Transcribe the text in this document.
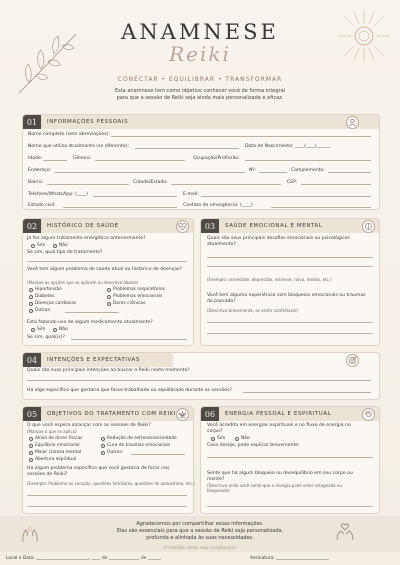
ANAMNESE
Reiki
CONECTAR • EQUILIBRAR • TRANSFORMAR
Esta anamnese tem como objetivo conhecer você de forma integral para que a sessão de Reiki seja ainda mais personalizada e eficaz.
01	INFORMAÇÕES PESSOAIS
Nome completo (sem abreviações):
Nome que utiliza atualmente (se diferente):	Data de Nascimento: ____/____/______
Idade:	Gênero:	Ocupação/Profissão:
Endereço:	Nº:	Complemento:
Bairro:	Cidade/Estado:	CEP:
Telefone/WhatsApp: (____)	E-mail:
Estado civil:	Contato de emergência: (____)
02	HISTÓRICO DE SAÚDE
Já fez algum tratamento energético anteriormente?
Sim	Não
Se sim, qual tipo de tratamento?
Você tem algum problema de saúde atual ou histórico de doenças?
(Marque as opções que se aplicam ou descreva abaixo)
Hipertensão
Diabetes
Doenças cardíacas
Outras:
Problemas respiratórios
Problemas emocionais
Dores crônicas
Está fazendo uso de algum medicamento atualmente?
Sim	Não
Se sim, qual(is)?
03	SAÚDE EMOCIONAL E MENTAL
Quais são seus principais desafios emocionais ou psicológicos atualmente?
(Exemplo: ansiedade, depressão, estresse, raiva, medos, etc.)
Você tem alguma experiência com bloqueios emocionais ou traumas do passado?
(Descreva brevemente, se sentir confortável)
04	INTENÇÕES E EXPECTATIVAS
Quais são suas principais intenções ao buscar o Reiki neste momento?
Há algo específico que gostaria que fosse trabalhado ou equilibrado durante as sessões?
05	OBJETIVOS DO TRATAMENTO COM REIKI
O que você espera alcançar com as sessões de Reiki?
(Marque o que se aplica)
Alívio de dores físicas
Equilíbrio emocional
Maior clareza mental
Abertura espiritual
Redução de estresse/ansiedade
Cura de traumas emocionais
Outros:
Há algum problema específico que você gostaria de focar nas sessões de Reiki?
(Exemplo: Problema no coração, questões familiares, questões de autoestima, etc.)
06	ENERGIA PESSOAL E ESPIRITUAL
Você acredita em energias espirituais e no fluxo de energia no corpo?
Sim	Não
Caso deseje, pode explicar brevemente:
Sente que há algum bloqueio ou desequilíbrio em seu corpo ou mente?
(Descreva onde você sente que a energia pode estar estagnada ou bloqueada)
Agradecemos por compartilhar essas informações.
Elas são essenciais para que a sessão de Reiki seja personalizada,
profunda e alinhada às suas necessidades.
Gratidão pela sua confiança!
Local e Data: ________________________, ____ de ______________ de ______	Assinatura: ________________________
